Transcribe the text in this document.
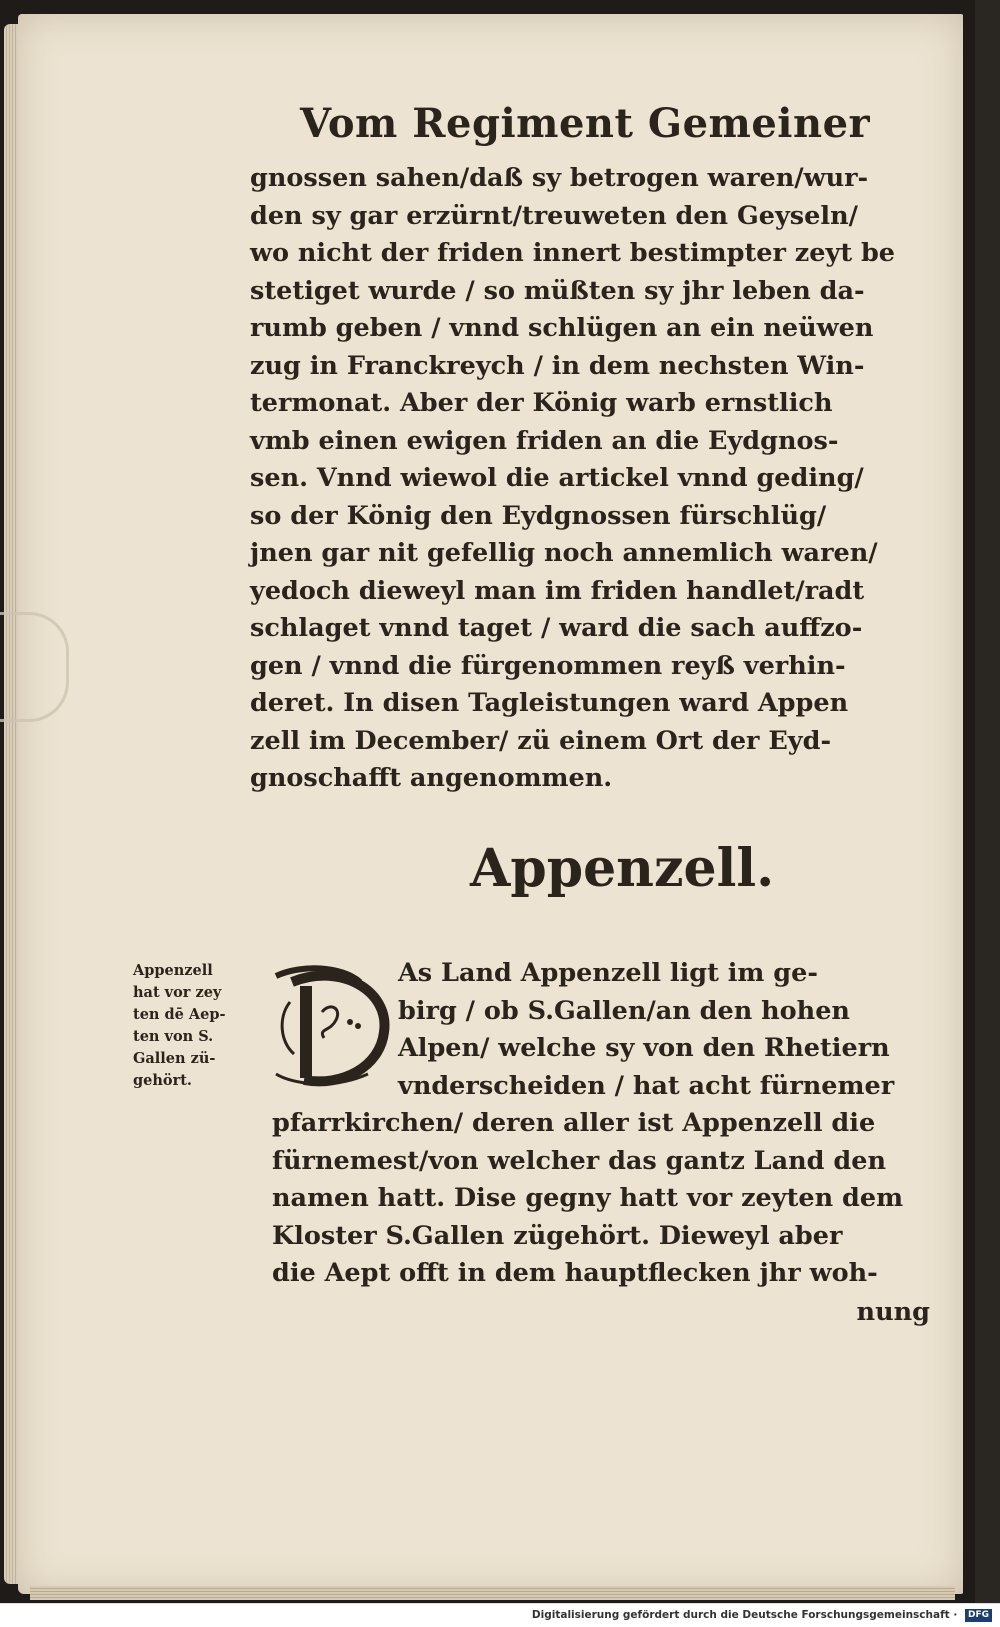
Vom Regiment Gemeiner
gnossen sahen/daß sy betrogen waren/wur-
den sy gar erzürnt/treuweten den Geyseln/
wo nicht der friden innert bestimpter zeyt be
stetiget wurde / so müßten sy jhr leben da-
rumb geben / vnnd schlügen an ein neüwen
zug in Franckreych / in dem nechsten Win-
termonat. Aber der König warb ernstlich
vmb einen ewigen friden an die Eydgnos-
sen. Vnnd wiewol die artickel vnnd geding/
so der König den Eydgnossen fürschlüg/
jnen gar nit gefellig noch annemlich waren/
yedoch dieweyl man im friden handlet/radt
schlaget vnnd taget / ward die sach auffzo-
gen / vnnd die fürgenommen reyß verhin-
deret. In disen Tagleistungen ward Appen
zell im December/ zü einem Ort der Eyd-
gnoschafft angenommen.
Appenzell.
Appenzell
hat vor zey
ten dē Aep-
ten von S.
Gallen zü-
gehört.
As Land Appenzell ligt im ge-
birg / ob S.Gallen/an den hohen
Alpen/ welche sy von den Rhetiern
vnderscheiden / hat acht fürnemer
pfarrkirchen/ deren aller ist Appenzell die
fürnemest/von welcher das gantz Land den
namen hatt. Dise gegny hatt vor zeyten dem
Kloster S.Gallen zügehört. Dieweyl aber
die Aept offt in dem hauptflecken jhr woh-
nung
Digitalisierung gefördert durch die Deutsche Forschungsgemeinschaft · DFG
